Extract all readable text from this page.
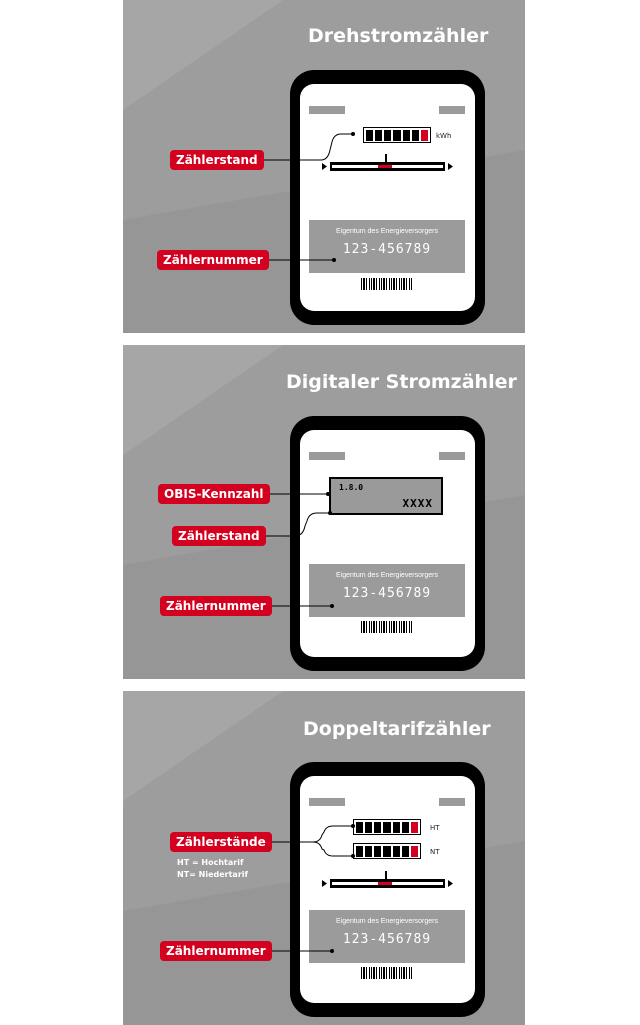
Drehstromzähler
kWh
Eigentum des Energieversorgers
123-456789
Zählerstand
Zählernummer
Digitaler Stromzähler
1.8.0
XXXX
Eigentum des Energieversorgers
123-456789
OBIS-Kennzahl
Zählerstand
Zählernummer
Doppeltarifzähler
HT
NT
Eigentum des Energieversorgers
123-456789
Zählerstände
HT = Hochtarif
NT= Niedertarif
Zählernummer
